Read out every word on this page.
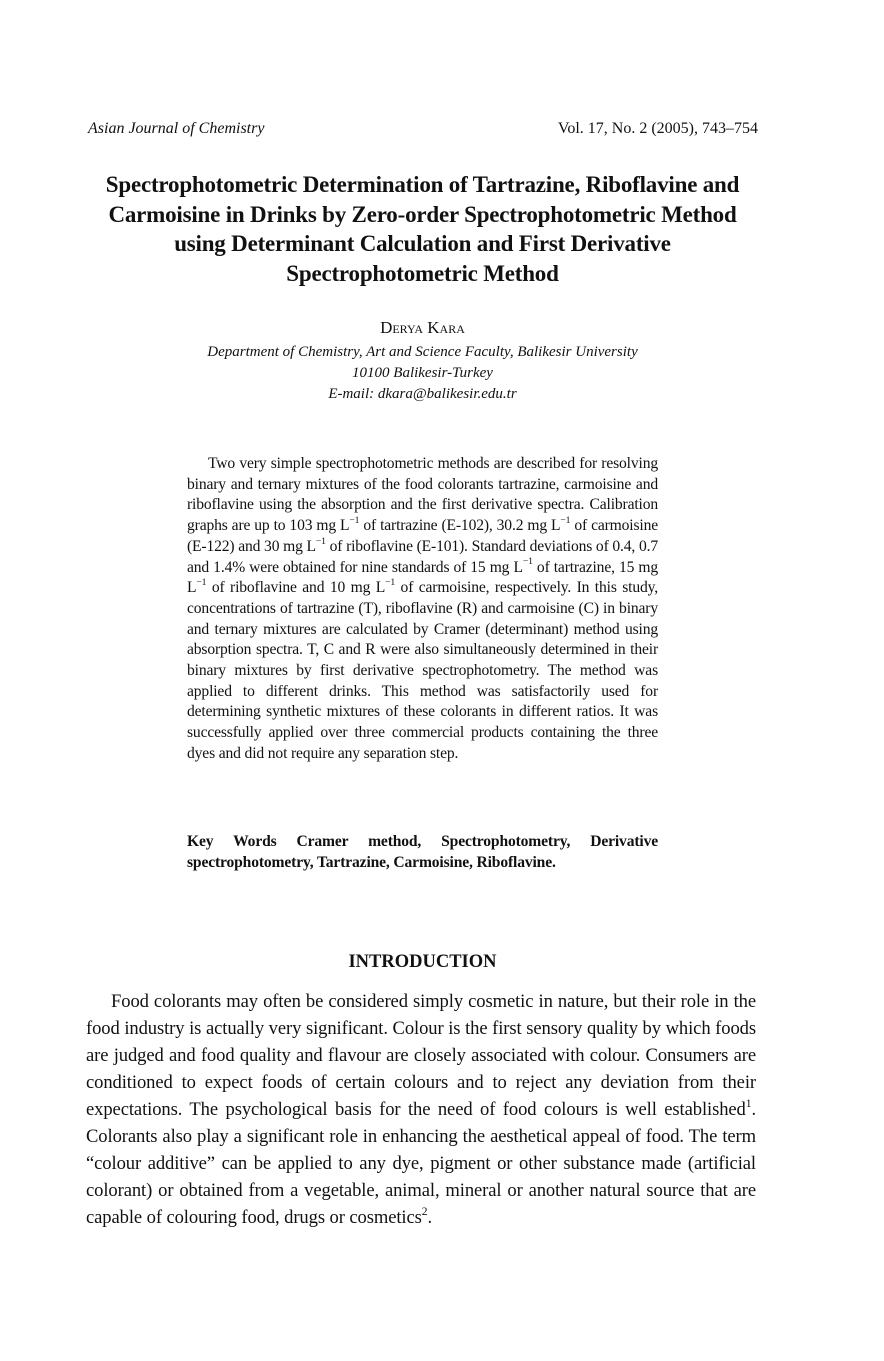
Asian Journal of Chemistry	Vol. 17, No. 2 (2005), 743–754
Spectrophotometric Determination of Tartrazine, Riboflavine and Carmoisine in Drinks by Zero-order Spectrophotometric Method using Determinant Calculation and First Derivative Spectrophotometric Method
Derya Kara
Department of Chemistry, Art and Science Faculty, Balikesir University
10100 Balikesir-Turkey
E-mail: dkara@balikesir.edu.tr
Two very simple spectrophotometric methods are described for resolving binary and ternary mixtures of the food colorants tartrazine, carmoisine and riboflavine using the absorption and the first derivative spectra. Calibration graphs are up to 103 mg $L^{-1}$ of tartrazine (E-102), 30.2 mg $L^{-1}$ of carmoisine (E-122) and 30 mg $L^{-1}$ of riboflavine (E-101). Standard deviations of 0.4, 0.7 and 1.4% were obtained for nine standards of 15 mg $L^{-1}$ of tartrazine, 15 mg $L^{-1}$ of riboflavine and 10 mg $L^{-1}$ of carmoisine, respectively. In this study, concentrations of tartrazine (T), riboflavine (R) and carmoisine (C) in binary and ternary mixtures are calculated by Cramer (determinant) method using absorption spectra. T, C and R were also simultaneously determined in their binary mixtures by first derivative spectrophotometry. The method was applied to different drinks. This method was satisfactorily used for determining synthetic mixtures of these colorants in different ratios. It was successfully applied over three commercial products containing the three dyes and did not require any separation step.
Key Words Cramer method, Spectrophotometry, Derivative spectrophotometry, Tartrazine, Carmoisine, Riboflavine.
INTRODUCTION
Food colorants may often be considered simply cosmetic in nature, but their role in the food industry is actually very significant. Colour is the first sensory quality by which foods are judged and food quality and flavour are closely associated with colour. Consumers are conditioned to expect foods of certain colours and to reject any deviation from their expectations. The psychological basis for the need of food colours is well established$^1$. Colorants also play a significant role in enhancing the aesthetical appeal of food. The term “colour additive” can be applied to any dye, pigment or other substance made (artificial colorant) or obtained from a vegetable, animal, mineral or another natural source that are capable of colouring food, drugs or cosmetics$^2$.
